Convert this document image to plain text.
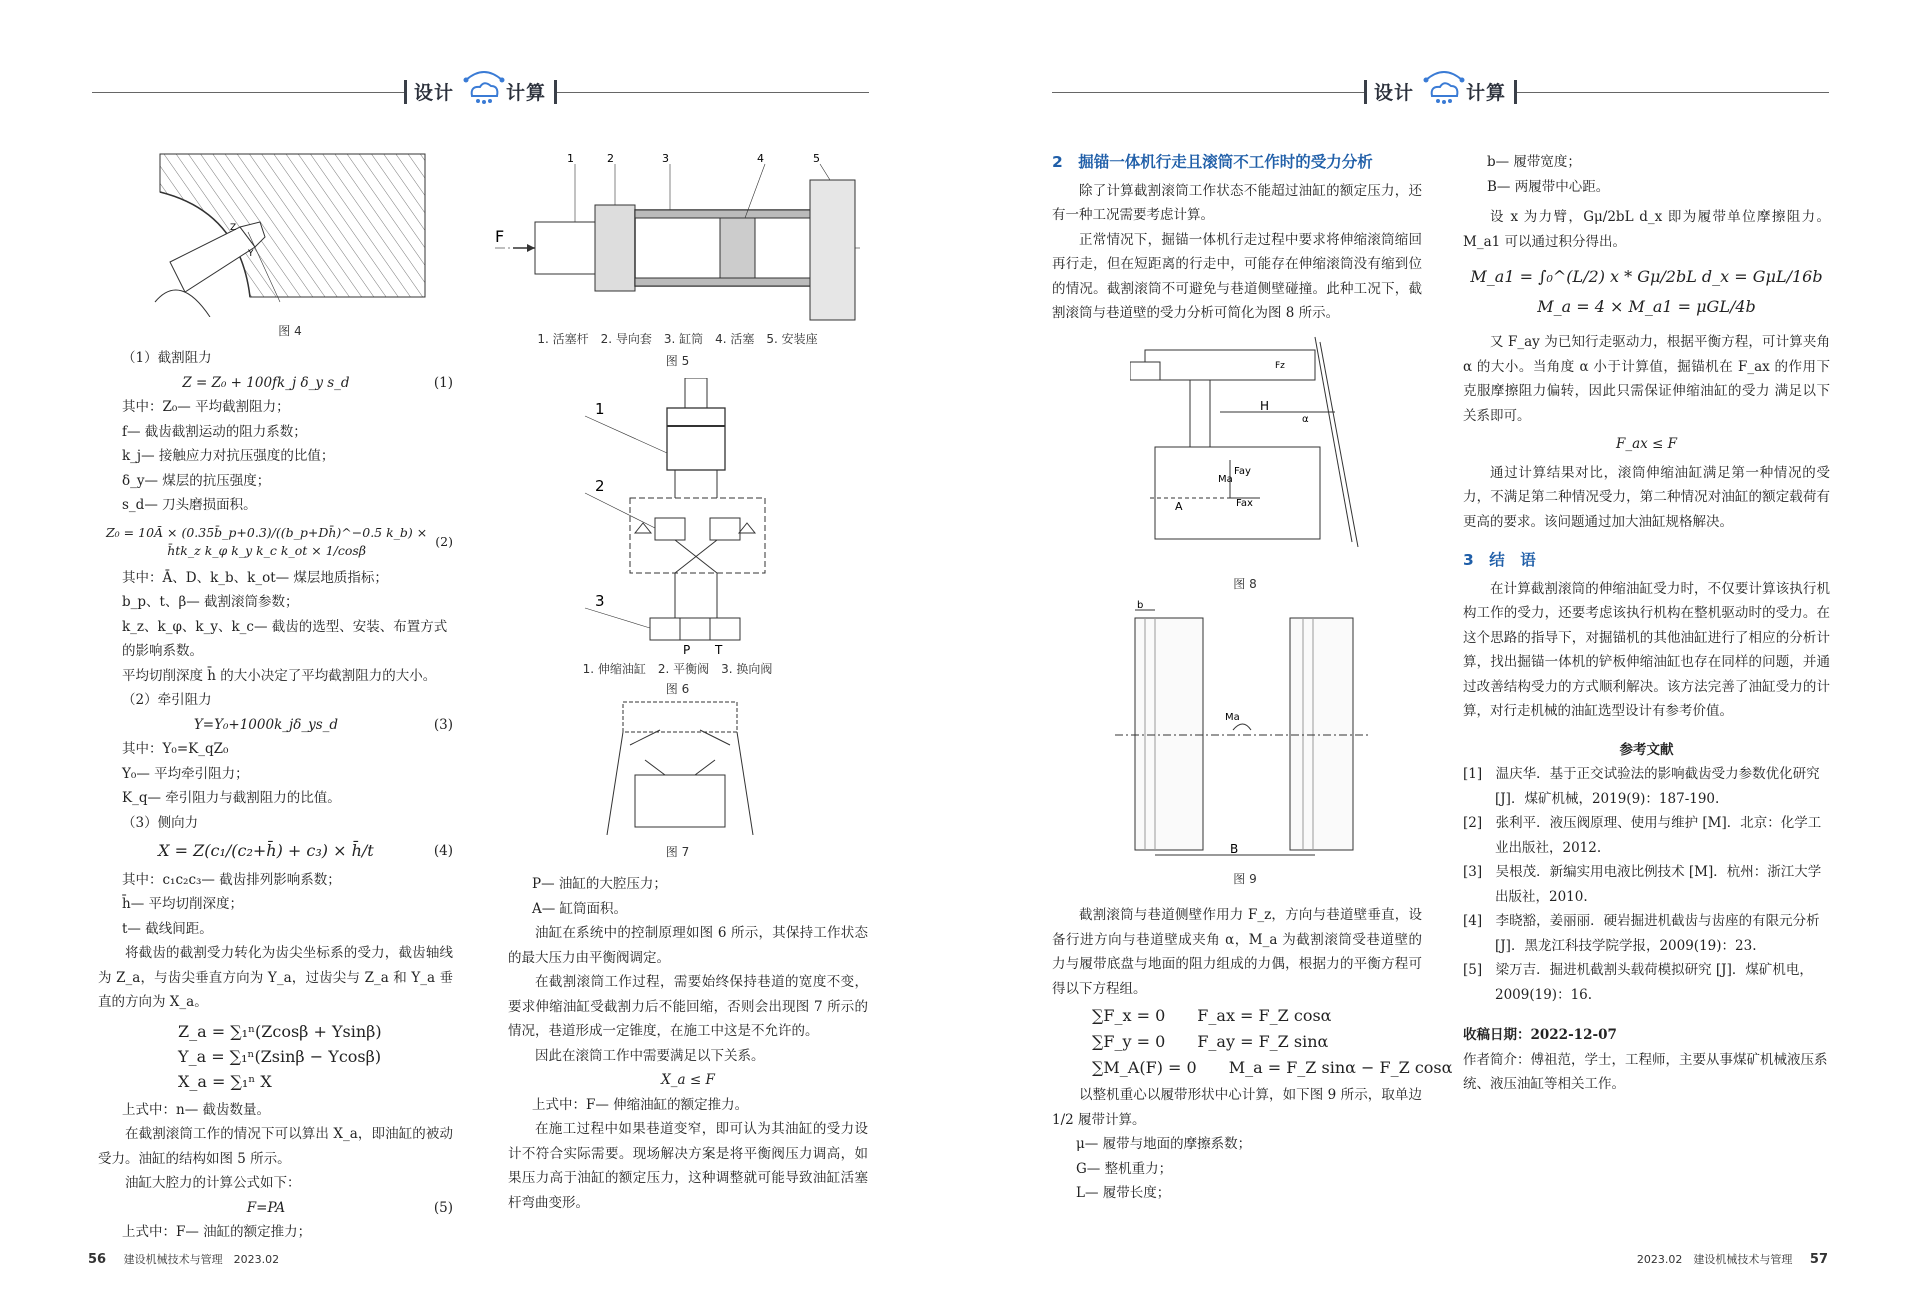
设计	计算	设计	计算
Z
Y
图 4

（1）截割阻力

Z = Z₀ + 100fk_j δ_y s_d	(1)

其中：Z₀— 平均截割阻力；

f— 截齿截割运动的阻力系数；

k_j— 接触应力对抗压强度的比值；

δ_y— 煤层的抗压强度；

s_d— 刀头磨损面积。

Z₀ = 10Ā × (0.35b̄_p+0.3)/((b_p+Dh̄)^−0.5 k_b) × h̄tk_z k_φ k_y k_c k_ot × 1/cosβ
(2)

其中：Ā、D、k_b、k_ot— 煤层地质指标；

b_p、t、β— 截割滚筒参数；

k_z、k_φ、k_y、k_c— 截齿的选型、安装、布置方式的影响系数。

平均切削深度 h̄ 的大小决定了平均截割阻力的大小。

（2）牵引阻力

Y=Y₀+1000k_jδ_ys_d	(3)

其中：Y₀=K_qZ₀

Y₀— 平均牵引阻力；

K_q— 牵引阻力与截割阻力的比值。

（3）侧向力

X = Z(c₁/(c₂+h̄) + c₃) × h̄/t	(4)

其中：c₁c₂c₃— 截齿排列影响系数；

h̄— 平均切削深度；

t— 截线间距。

将截齿的截割受力转化为齿尖坐标系的受力，截齿轴线为 Z_a，与齿尖垂直方向为 Y_a，过齿尖与 Z_a 和 Y_a 垂直的方向为 X_a。

Z_a = ∑₁ⁿ(Zcosβ + Ysinβ)
Y_a = ∑₁ⁿ(Zsinβ − Ycosβ)
X_a = ∑₁ⁿ X

上式中：n— 截齿数量。

在截割滚筒工作的情况下可以算出 X_a，即油缸的被动受力。油缸的结构如图 5 所示。

油缸大腔力的计算公式如下：

F=PA	(5)

上式中：F— 油缸的额定推力；

F
1	2	3	4	5
1. 活塞杆　2. 导向套　3. 缸筒　4. 活塞　5. 安装座
图 5
P T
1
2
3
1. 伸缩油缸　2. 平衡阀　3. 换向阀
图 6
图 7

P— 油缸的大腔压力；

A— 缸筒面积。

油缸在系统中的控制原理如图 6 所示，其保持工作状态的最大压力由平衡阀调定。

在截割滚筒工作过程，需要始终保持巷道的宽度不变，要求伸缩油缸受截割力后不能回缩，否则会出现图 7 所示的情况，巷道形成一定锥度，在施工中这是不允许的。

因此在滚筒工作中需要满足以下关系。

X_a ≤ F

上式中：F— 伸缩油缸的额定推力。

在施工过程中如果巷道变窄，即可认为其油缸的受力设计不符合实际需要。现场解决方案是将平衡阀压力调高，如果压力高于油缸的额定压力，这种调整就可能导致油缸活塞杆弯曲变形。

2　掘锚一体机行走且滚筒不工作时的受力分析

除了计算截割滚筒工作状态不能超过油缸的额定压力，还有一种工况需要考虑计算。

正常情况下，掘锚一体机行走过程中要求将伸缩滚筒缩回再行走，但在短距离的行走中，可能存在伸缩滚筒没有缩到位的情况。截割滚筒不可避免与巷道侧壁碰撞。此种工况下，截割滚筒与巷道壁的受力分析可简化为图 8 所示。

H
α
Fay
Fax
A
Ma
Fz
图 8
B
b
Ma
图 9

截割滚筒与巷道侧壁作用力 F_z，方向与巷道壁垂直，设备行进方向与巷道壁成夹角 α，M_a 为截割滚筒受巷道壁的力与履带底盘与地面的阻力组成的力偶，根据力的平衡方程可得以下方程组。

∑F_x = 0　　F_ax = F_Z cosα
∑F_y = 0　　F_ay = F_Z sinα
∑M_A(F) = 0　　M_a = F_Z sinα − F_Z cosα

以整机重心以履带形状中心计算，如下图 9 所示，取单边 1/2 履带计算。

μ— 履带与地面的摩擦系数；

G— 整机重力；

L— 履带长度；

b— 履带宽度；

B— 两履带中心距。

设 x 为力臂，Gμ/2bL d_x 即为履带单位摩擦阻力。M_a1 可以通过积分得出。

M_a1 = ∫₀^(L/2) x * Gμ/2bL d_x = GμL/16b
M_a = 4 × M_a1 = μGL/4b

又 F_ay 为已知行走驱动力，根据平衡方程，可计算夹角 α 的大小。当角度 α 小于计算值，掘锚机在 F_ax 的作用下克服摩擦阻力偏转，因此只需保证伸缩油缸的受力 满足以下关系即可。

F_ax ≤ F

通过计算结果对比，滚筒伸缩油缸满足第一种情况的受力，不满足第二种情况受力，第二种情况对油缸的额定载荷有更高的要求。该问题通过加大油缸规格解决。

3　结　语

在计算截割滚筒的伸缩油缸受力时，不仅要计算该执行机构工作的受力，还要考虑该执行机构在整机驱动时的受力。在这个思路的指导下，对掘锚机的其他油缸进行了相应的分析计算，找出掘锚一体机的铲板伸缩油缸也存在同样的问题，并通过改善结构受力的方式顺利解决。该方法完善了油缸受力的计算，对行走机械的油缸选型设计有参考价值。

参考文献

[1]　温庆华．基于正交试验法的影响截齿受力参数优化研究 [J]．煤矿机械，2019(9)：187-190.

[2]　张利平．液压阀原理、使用与维护 [M]．北京：化学工业出版社，2012.

[3]　吴根茂．新编实用电液比例技术 [M]．杭州：浙江大学出版社，2010.

[4]　李晓豁，姜丽丽．硬岩掘进机截齿与齿座的有限元分析 [J]．黑龙江科技学院学报，2009(19)：23.

[5]　梁万吉．掘进机截割头载荷模拟研究 [J]．煤矿机电，2009(19)：16.

收稿日期：2022-12-07

作者简介：傅祖范，学士，工程师，主要从事煤矿机械液压系统、液压油缸等相关工作。

56 建设机械技术与管理　2023.02	2023.02　建设机械技术与管理 57
